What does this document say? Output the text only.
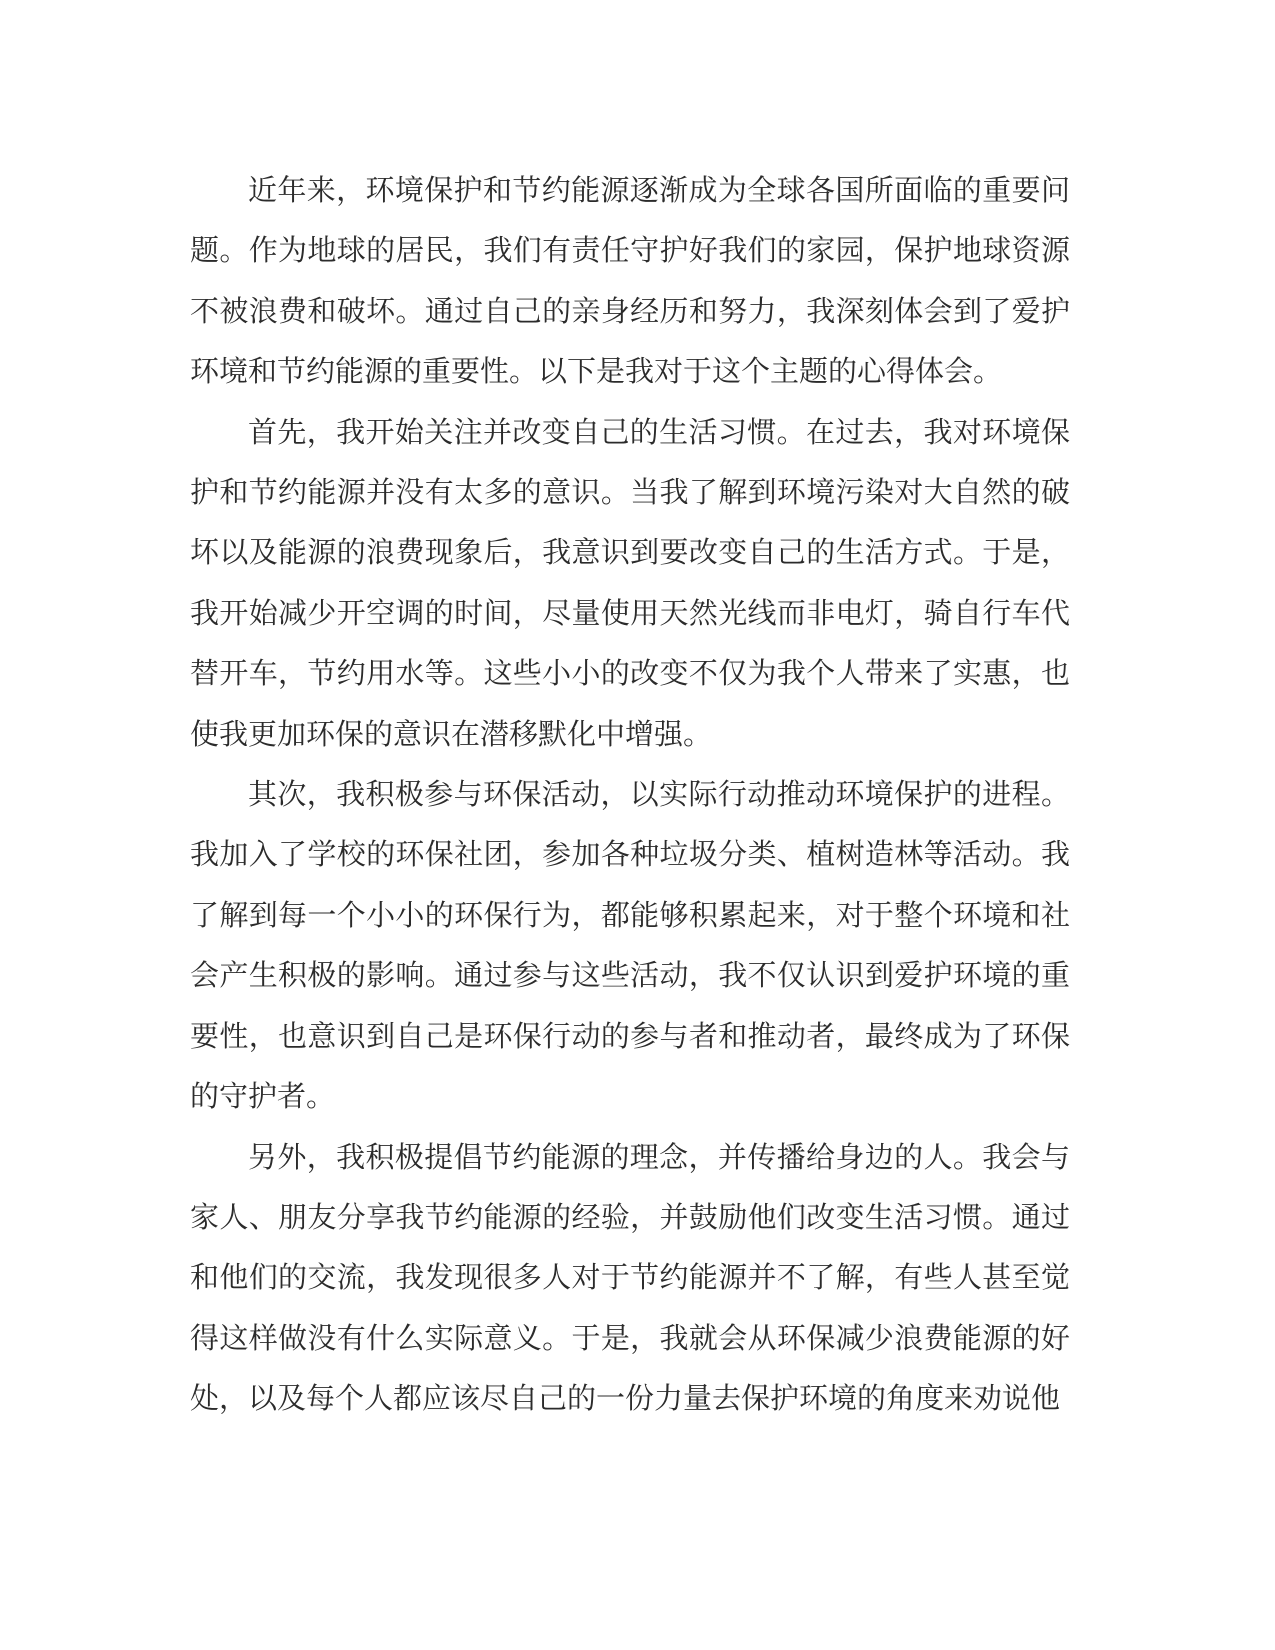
近年来，环境保护和节约能源逐渐成为全球各国所面临的重要问题。作为地球的居民，我们有责任守护好我们的家园，保护地球资源不被浪费和破坏。通过自己的亲身经历和努力，我深刻体会到了爱护环境和节约能源的重要性。以下是我对于这个主题的心得体会。

首先，我开始关注并改变自己的生活习惯。在过去，我对环境保护和节约能源并没有太多的意识。当我了解到环境污染对大自然的破坏以及能源的浪费现象后，我意识到要改变自己的生活方式。于是，我开始减少开空调的时间，尽量使用天然光线而非电灯，骑自行车代替开车，节约用水等。这些小小的改变不仅为我个人带来了实惠，也使我更加环保的意识在潜移默化中增强。

其次，我积极参与环保活动，以实际行动推动环境保护的进程。我加入了学校的环保社团，参加各种垃圾分类、植树造林等活动。我了解到每一个小小的环保行为，都能够积累起来，对于整个环境和社会产生积极的影响。通过参与这些活动，我不仅认识到爱护环境的重要性，也意识到自己是环保行动的参与者和推动者，最终成为了环保的守护者。

另外，我积极提倡节约能源的理念，并传播给身边的人。我会与家人、朋友分享我节约能源的经验，并鼓励他们改变生活习惯。通过和他们的交流，我发现很多人对于节约能源并不了解，有些人甚至觉得这样做没有什么实际意义。于是，我就会从环保减少浪费能源的好处，以及每个人都应该尽自己的一份力量去保护环境的角度来劝说他
